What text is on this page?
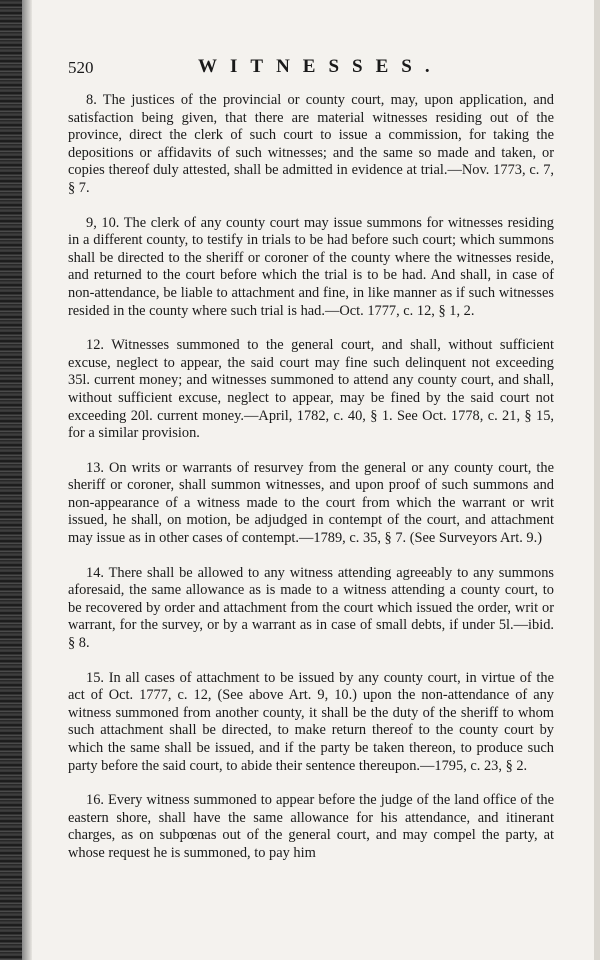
520	WITNESSES.

8. The justices of the provincial or county court, may, upon application, and satisfaction being given, that there are material witnesses residing out of the province, direct the clerk of such court to issue a commission, for taking the depositions or affidavits of such witnesses; and the same so made and taken, or copies thereof duly attested, shall be admitted in evidence at trial.—Nov. 1773, c. 7, § 7.

9, 10. The clerk of any county court may issue summons for witnesses residing in a different county, to testify in trials to be had before such court; which summons shall be directed to the sheriff or coroner of the county where the witnesses reside, and returned to the court before which the trial is to be had. And shall, in case of non-attendance, be liable to attachment and fine, in like manner as if such witnesses resided in the county where such trial is had.—Oct. 1777, c. 12, § 1, 2.

12. Witnesses summoned to the general court, and shall, without sufficient excuse, neglect to appear, the said court may fine such delinquent not exceeding 35l. current money; and witnesses summoned to attend any county court, and shall, without sufficient excuse, neglect to appear, may be fined by the said court not exceeding 20l. current money.—April, 1782, c. 40, § 1. See Oct. 1778, c. 21, § 15, for a similar provision.

13. On writs or warrants of resurvey from the general or any county court, the sheriff or coroner, shall summon witnesses, and upon proof of such summons and non-appearance of a witness made to the court from which the warrant or writ issued, he shall, on motion, be adjudged in contempt of the court, and attachment may issue as in other cases of contempt.—1789, c. 35, § 7. (See Surveyors Art. 9.)

14. There shall be allowed to any witness attending agreeably to any summons aforesaid, the same allowance as is made to a witness attending a county court, to be recovered by order and attachment from the court which issued the order, writ or warrant, for the survey, or by a warrant as in case of small debts, if under 5l.—ibid. § 8.

15. In all cases of attachment to be issued by any county court, in virtue of the act of Oct. 1777, c. 12, (See above Art. 9, 10.) upon the non-attendance of any witness summoned from another county, it shall be the duty of the sheriff to whom such attachment shall be directed, to make return thereof to the county court by which the same shall be issued, and if the party be taken thereon, to produce such party before the said court, to abide their sentence thereupon.—1795, c. 23, § 2.

16. Every witness summoned to appear before the judge of the land office of the eastern shore, shall have the same allowance for his attendance, and itinerant charges, as on subpœnas out of the general court, and may compel the party, at whose request he is summoned, to pay him
